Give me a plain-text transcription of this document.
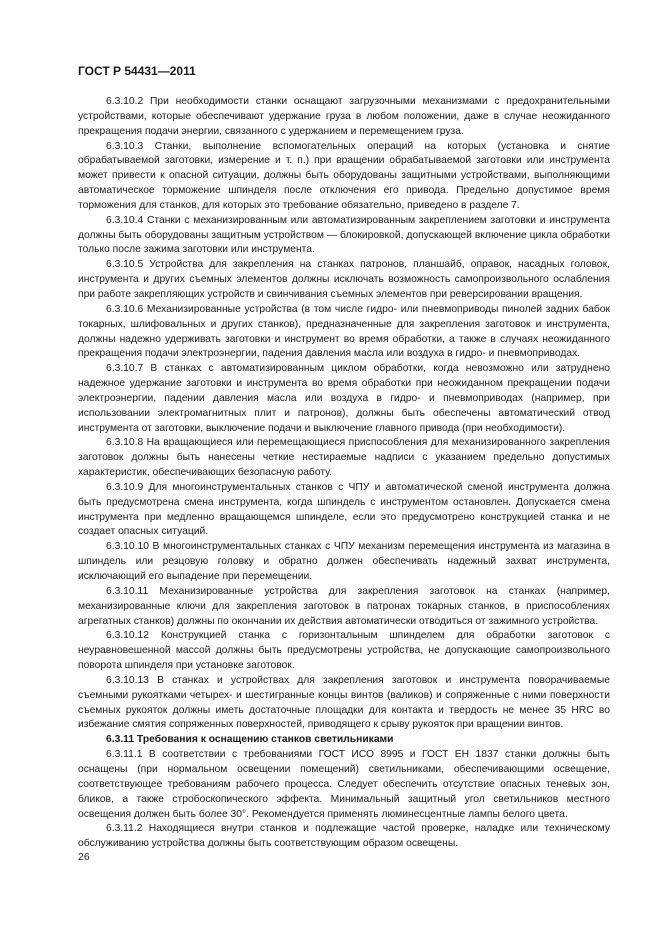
ГОСТ Р 54431—2011

6.3.10.2 При необходимости станки оснащают загрузочными механизмами с предохранительными устройствами, которые обеспечивают удержание груза в любом положении, даже в случае неожиданного прекращения подачи энергии, связанного с удержанием и перемещением груза.

6.3.10.3 Станки, выполнение вспомогательных операций на которых (установка и снятие обрабатываемой заготовки, измерение и т. п.) при вращении обрабатываемой заготовки или инструмента может привести к опасной ситуации, должны быть оборудованы защитными устройствами, выполняющими автоматическое торможение шпинделя после отключения его привода. Предельно допустимое время торможения для станков, для которых это требование обязательно, приведено в разделе 7.

6.3.10.4 Станки с механизированным или автоматизированным закреплением заготовки и инструмента должны быть оборудованы защитным устройством — блокировкой, допускающей включение цикла обработки только после зажима заготовки или инструмента.

6.3.10.5 Устройства для закрепления на станках патронов, планшайб, оправок, насадных головок, инструмента и других съемных элементов должны исключать возможность самопроизвольного ослабления при работе закрепляющих устройств и свинчивания съемных элементов при реверсировании вращения.

6.3.10.6 Механизированные устройства (в том числе гидро- или пневмоприводы пинолей задних бабок токарных, шлифовальных и других станков), предназначенные для закрепления заготовок и инструмента, должны надежно удерживать заготовки и инструмент во время обработки, а также в случаях неожиданного прекращения подачи электроэнергии, падения давления масла или воздуха в гидро- и пневмоприводах.

6.3.10.7 В станках с автоматизированным циклом обработки, когда невозможно или затруднено надежное удержание заготовки и инструмента во время обработки при неожиданном прекращении подачи электроэнергии, падении давления масла или воздуха в гидро- и пневмоприводах (например, при использовании электромагнитных плит и патронов), должны быть обеспечены автоматический отвод инструмента от заготовки, выключение подачи и выключение главного привода (при необходимости).

6.3.10.8 На вращающиеся или перемещающиеся приспособления для механизированного закрепления заготовок должны быть нанесены четкие нестираемые надписи с указанием предельно допустимых характеристик, обеспечивающих безопасную работу.

6.3.10.9 Для многоинструментальных станков с ЧПУ и автоматической сменой инструмента должна быть предусмотрена смена инструмента, когда шпиндель с инструментом остановлен. Допускается смена инструмента при медленно вращающемся шпинделе, если это предусмотрено конструкцией станка и не создает опасных ситуаций.

6.3.10.10 В многоинструментальных станках с ЧПУ механизм перемещения инструмента из магазина в шпиндель или резцовую головку и обратно должен обеспечивать надежный захват инструмента, исключающий его выпадение при перемещении.

6.3.10.11 Механизированные устройства для закрепления заготовок на станках (например, механизированные ключи для закрепления заготовок в патронах токарных станков, в приспособлениях агрегатных станков) должны по окончании их действия автоматически отводиться от зажимного устройства.

6.3.10.12 Конструкцией станка с горизонтальным шпинделем для обработки заготовок с неуравновешенной массой должны быть предусмотрены устройства, не допускающие самопроизвольного поворота шпинделя при установке заготовок.

6.3.10.13 В станках и устройствах для закрепления заготовок и инструмента поворачиваемые съемными рукоятками четырех- и шестигранные концы винтов (валиков) и сопряженные с ними поверхности съемных рукояток должны иметь достаточные площадки для контакта и твердость не менее 35 HRC во избежание смятия сопряженных поверхностей, приводящего к срыву рукояток при вращении винтов.

6.3.11 Требования к оснащению станков светильниками

6.3.11.1 В соответствии с требованиями ГОСТ ИСО 8995 и ГОСТ ЕН 1837 станки должны быть оснащены (при нормальном освещении помещений) светильниками, обеспечивающими освещение, соответствующее требованиям рабочего процесса. Следует обеспечить отсутствие опасных теневых зон, бликов, а также стробоскопического эффекта. Минимальный защитный угол светильников местного освещения должен быть более 30°. Рекомендуется применять люминесцентные лампы белого цвета.

6.3.11.2 Находящиеся внутри станков и подлежащие частой проверке, наладке или техническому обслуживанию устройства должны быть соответствующим образом освещены.

26
